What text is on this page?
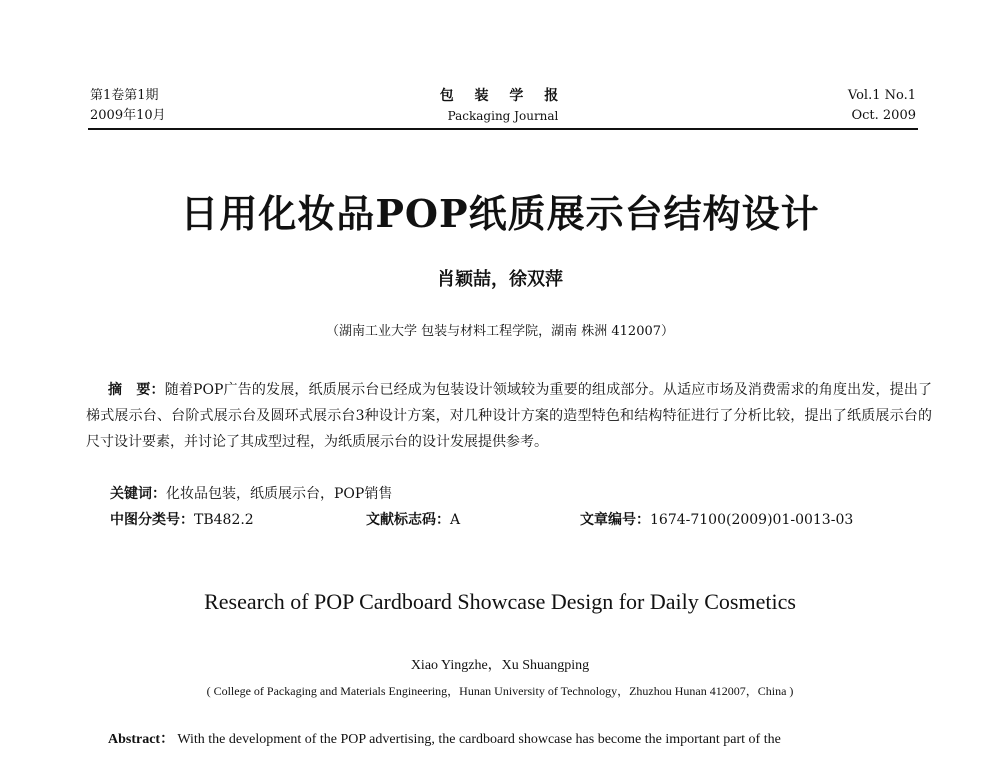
第1卷第1期
2009年10月
包 装 学 报
Packaging Journal
Vol.1 No.1
Oct. 2009
日用化妆品POP纸质展示台结构设计
肖颖喆，徐双萍
（湖南工业大学 包装与材料工程学院，湖南 株洲 412007）
摘　要：随着POP广告的发展，纸质展示台已经成为包装设计领域较为重要的组成部分。从适应市场及消费需求的角度出发，提出了梯式展示台、台阶式展示台及圆环式展示台3种设计方案，对几种设计方案的造型特色和结构特征进行了分析比较，提出了纸质展示台的尺寸设计要素，并讨论了其成型过程，为纸质展示台的设计发展提供参考。
关键词：化妆品包装，纸质展示台，POP销售
中图分类号：TB482.2	文献标志码：A	文章编号：1674-7100(2009)01-0013-03
Research of POP Cardboard Showcase Design for Daily Cosmetics
Xiao Yingzhe，Xu Shuangping
( College of Packaging and Materials Engineering，Hunan University of Technology，Zhuzhou Hunan 412007，China )
Abstract： With the development of the POP advertising, the cardboard showcase has become the important part of the
